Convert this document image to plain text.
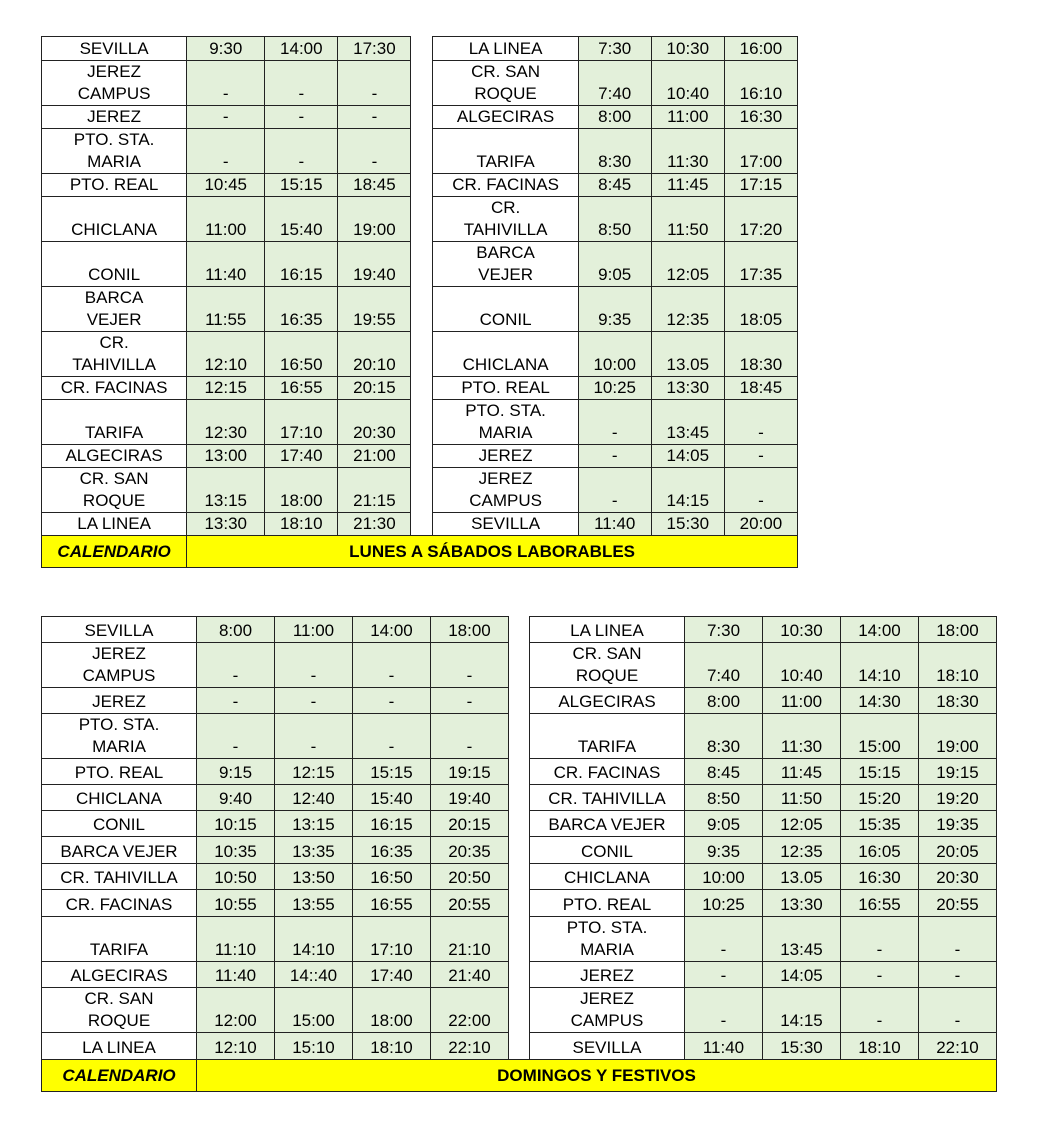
SEVILLA	9:30	14:00	17:30		LA LINEA	7:30	10:30	16:00
JEREZ CAMPUS	-	-	-		CR. SAN ROQUE	7:40	10:40	16:10
JEREZ	-	-	-		ALGECIRAS	8:00	11:00	16:30
PTO. STA. MARIA	-	-	-		TARIFA	8:30	11:30	17:00
PTO. REAL	10:45	15:15	18:45		CR. FACINAS	8:45	11:45	17:15
CHICLANA	11:00	15:40	19:00		CR. TAHIVILLA	8:50	11:50	17:20
CONIL	11:40	16:15	19:40		BARCA VEJER	9:05	12:05	17:35
BARCA VEJER	11:55	16:35	19:55		CONIL	9:35	12:35	18:05
CR. TAHIVILLA	12:10	16:50	20:10		CHICLANA	10:00	13.05	18:30
CR. FACINAS	12:15	16:55	20:15		PTO. REAL	10:25	13:30	18:45
TARIFA	12:30	17:10	20:30		PTO. STA. MARIA	-	13:45	-
ALGECIRAS	13:00	17:40	21:00		JEREZ	-	14:05	-
CR. SAN ROQUE	13:15	18:00	21:15		JEREZ CAMPUS	-	14:15	-
LA LINEA	13:30	18:10	21:30		SEVILLA	11:40	15:30	20:00
CALENDARIO	LUNES A SÁBADOS LABORABLES							
SEVILLA	8:00	11:00	14:00	18:00		LA LINEA	7:30	10:30	14:00	18:00
JEREZ CAMPUS	-	-	-	-		CR. SAN ROQUE	7:40	10:40	14:10	18:10
JEREZ	-	-	-	-		ALGECIRAS	8:00	11:00	14:30	18:30
PTO. STA. MARIA	-	-	-	-		TARIFA	8:30	11:30	15:00	19:00
PTO. REAL	9:15	12:15	15:15	19:15		CR. FACINAS	8:45	11:45	15:15	19:15
CHICLANA	9:40	12:40	15:40	19:40		CR. TAHIVILLA	8:50	11:50	15:20	19:20
CONIL	10:15	13:15	16:15	20:15		BARCA VEJER	9:05	12:05	15:35	19:35
BARCA VEJER	10:35	13:35	16:35	20:35		CONIL	9:35	12:35	16:05	20:05
CR. TAHIVILLA	10:50	13:50	16:50	20:50		CHICLANA	10:00	13.05	16:30	20:30
CR. FACINAS	10:55	13:55	16:55	20:55		PTO. REAL	10:25	13:30	16:55	20:55
TARIFA	11:10	14:10	17:10	21:10		PTO. STA. MARIA	-	13:45	-	-
ALGECIRAS	11:40	14::40	17:40	21:40		JEREZ	-	14:05	-	-
CR. SAN ROQUE	12:00	15:00	18:00	22:00		JEREZ CAMPUS	-	14:15	-	-
LA LINEA	12:10	15:10	18:10	22:10		SEVILLA	11:40	15:30	18:10	22:10
CALENDARIO	DOMINGOS Y FESTIVOS									
